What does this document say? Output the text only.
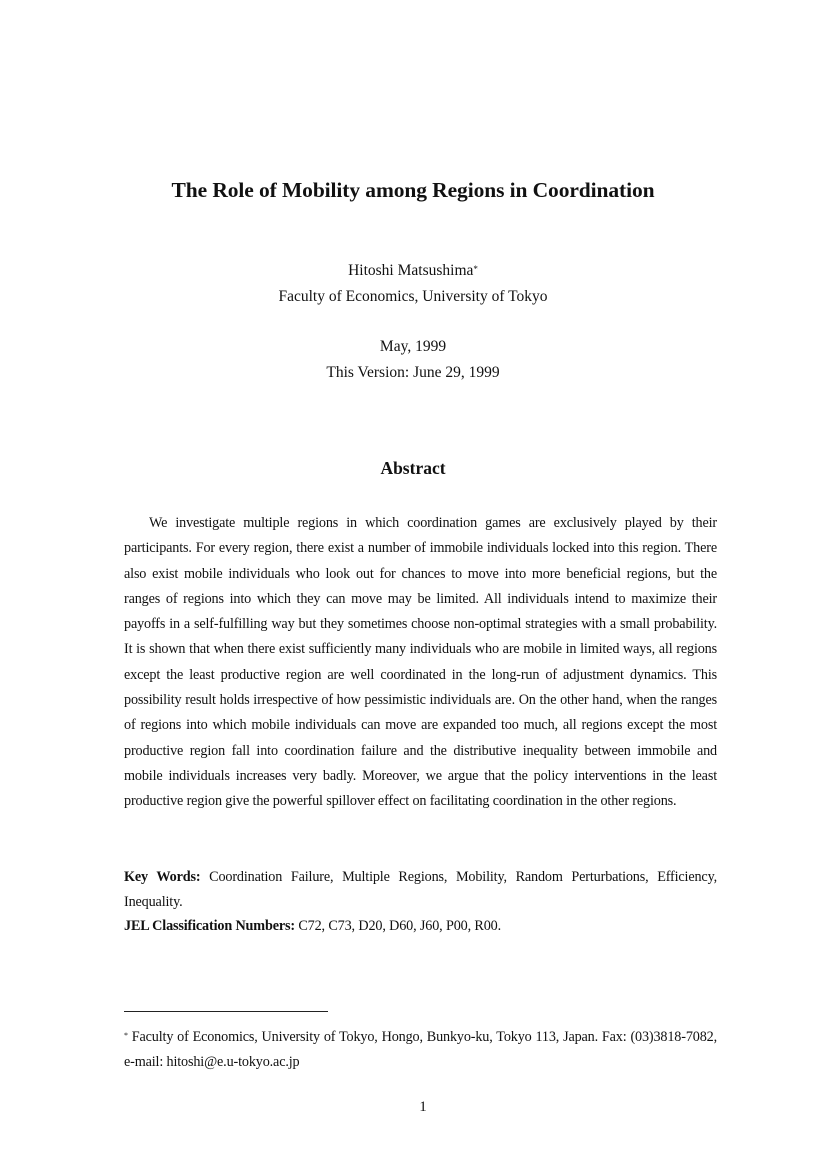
The Role of Mobility among Regions in Coordination
Hitoshi Matsushima*
Faculty of Economics, University of Tokyo
May, 1999
This Version: June 29, 1999
Abstract

We investigate multiple regions in which coordination games are exclusively played by their participants. For every region, there exist a number of immobile individuals locked into this region. There also exist mobile individuals who look out for chances to move into more beneficial regions, but the ranges of regions into which they can move may be limited. All individuals intend to maximize their payoffs in a self-fulfilling way but they sometimes choose non-optimal strategies with a small probability. It is shown that when there exist sufficiently many individuals who are mobile in limited ways, all regions except the least productive region are well coordinated in the long-run of adjustment dynamics. This possibility result holds irrespective of how pessimistic individuals are. On the other hand, when the ranges of regions into which mobile individuals can move are expanded too much, all regions except the most productive region fall into coordination failure and the distributive inequality between immobile and mobile individuals increases very badly. Moreover, we argue that the policy interventions in the least productive region give the powerful spillover effect on facilitating coordination in the other regions.

Key Words: Coordination Failure, Multiple Regions, Mobility, Random Perturbations, Efficiency, Inequality.

JEL Classification Numbers: C72, C73, D20, D60, J60, P00, R00.

* Faculty of Economics, University of Tokyo, Hongo, Bunkyo-ku, Tokyo 113, Japan. Fax: (03)3818-7082, e-mail: hitoshi@e.u-tokyo.ac.jp

1
